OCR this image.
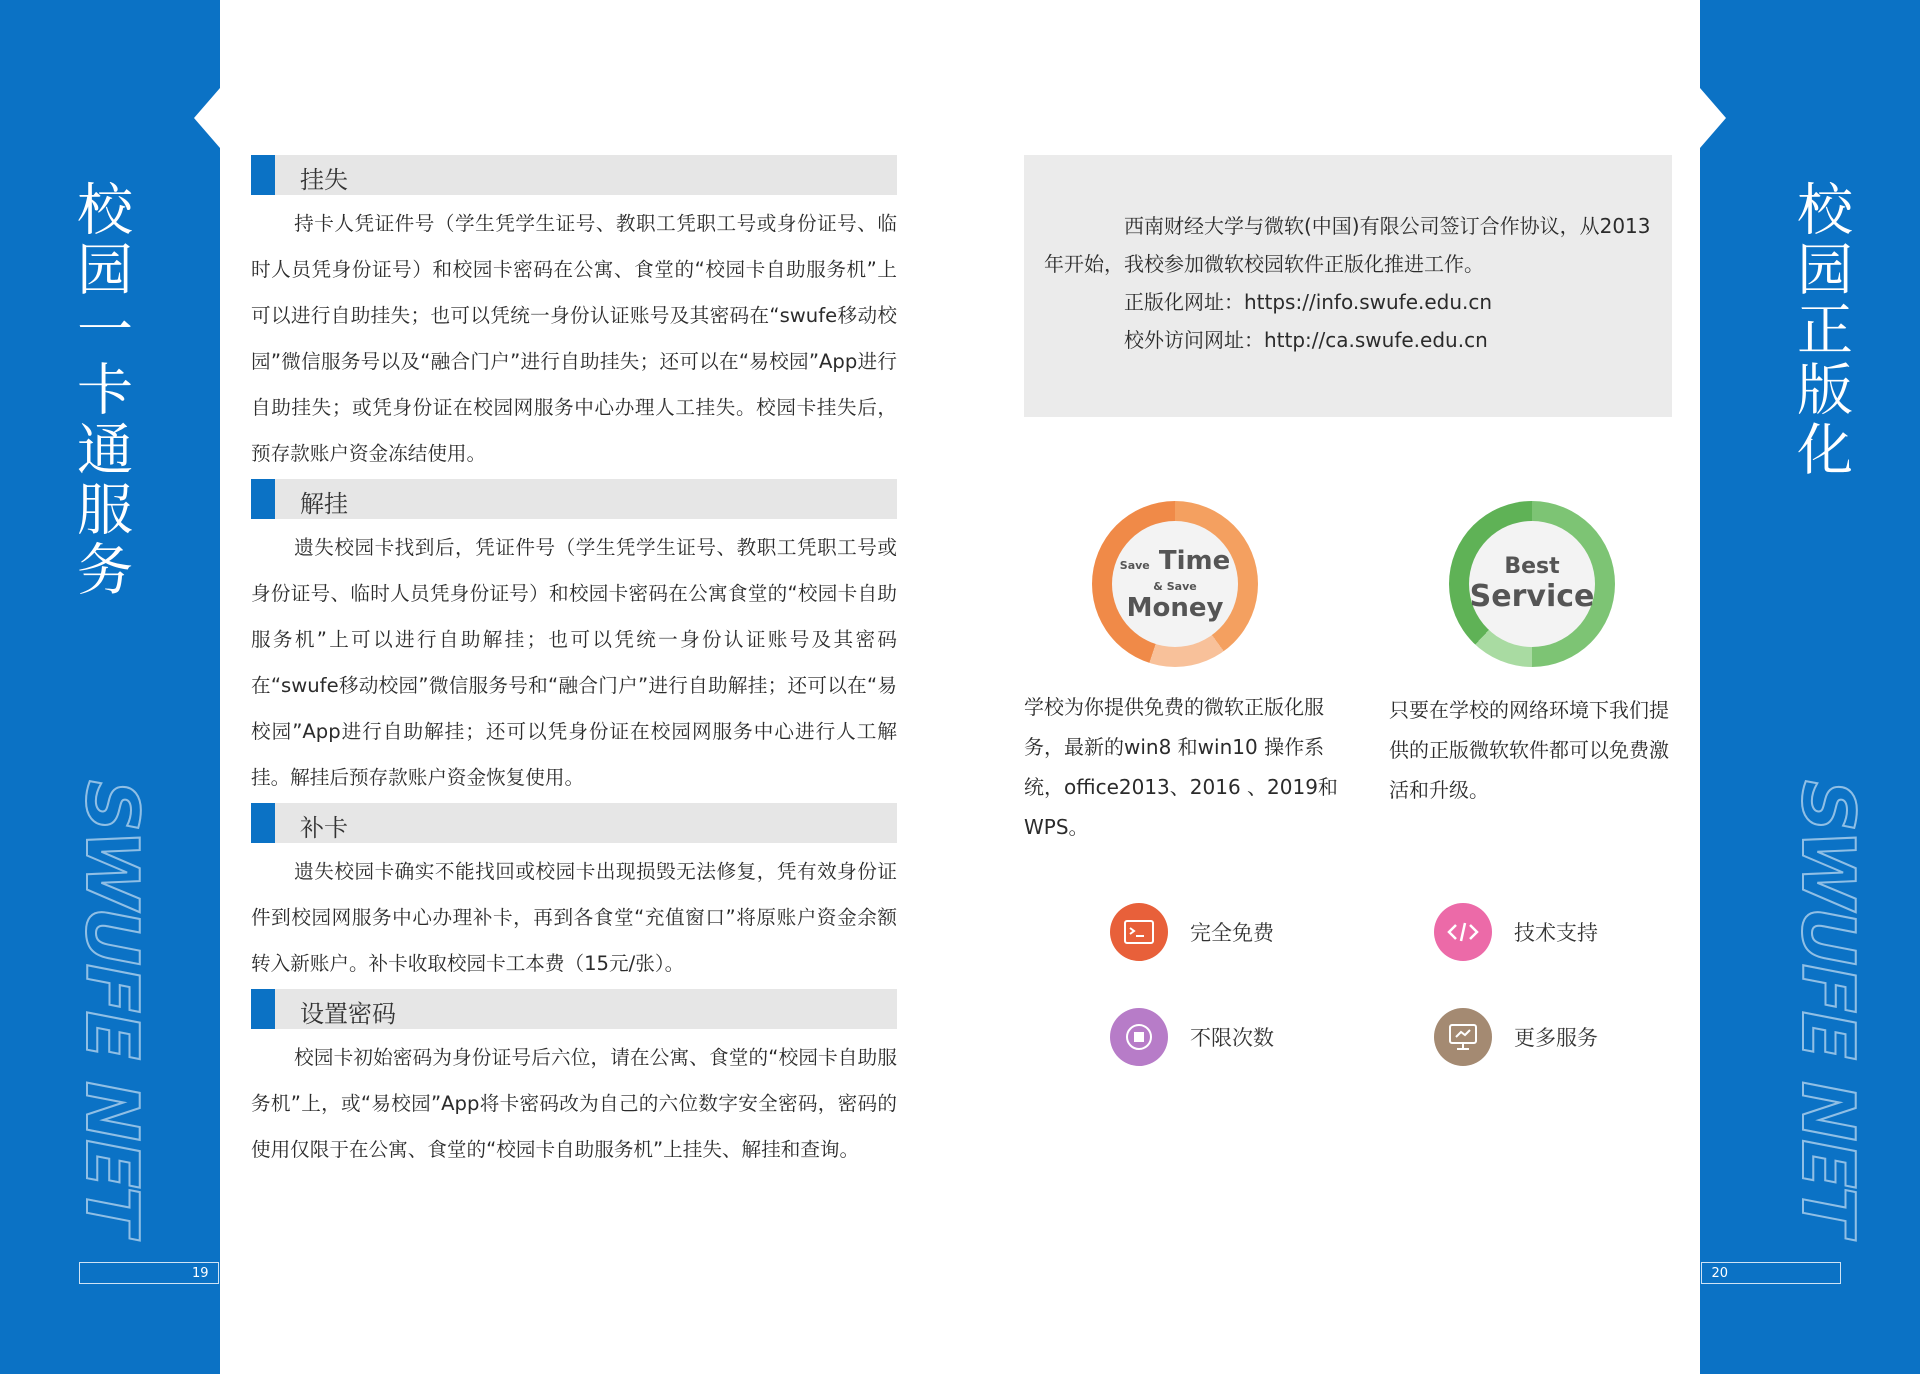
校园一卡通服务	校园正版化
SWUFE NET	SWUFE NET
19	20
挂失

持卡人凭证件号（学生凭学生证号、教职工凭职工号或身份证号、临时人员凭身份证号）和校园卡密码在公寓、食堂的“校园卡自助服务机”上可以进行自助挂失；也可以凭统一身份认证账号及其密码在“swufe移动校园”微信服务号以及“融合门户”进行自助挂失；还可以在“易校园”App进行自助挂失；或凭身份证在校园网服务中心办理人工挂失。校园卡挂失后，预存款账户资金冻结使用。

解挂

遗失校园卡找到后，凭证件号（学生凭学生证号、教职工凭职工号或身份证号、临时人员凭身份证号）和校园卡密码在公寓食堂的“校园卡自助服务机”上可以进行自助解挂；也可以凭统一身份认证账号及其密码在“swufe移动校园”微信服务号和“融合门户”进行自助解挂；还可以在“易校园”App进行自助解挂；还可以凭身份证在校园网服务中心进行人工解挂。解挂后预存款账户资金恢复使用。

补卡

遗失校园卡确实不能找回或校园卡出现损毁无法修复，凭有效身份证件到校园网服务中心办理补卡，再到各食堂“充值窗口”将原账户资金余额转入新账户。补卡收取校园卡工本费（15元/张）。

设置密码

校园卡初始密码为身份证号后六位，请在公寓、食堂的“校园卡自助服务机”上，或“易校园”App将卡密码改为自己的六位数字安全密码，密码的使用仅限于在公寓、食堂的“校园卡自助服务机”上挂失、解挂和查询。

西南财经大学与微软(中国)有限公司签订合作协议，从2013年开始，我校参加微软校园软件正版化推进工作。
正版化网址：https://info.swufe.edu.cn
校外访问网址：http://ca.swufe.edu.cn
Save Time
& Save
Money
Best
Service
学校为你提供免费的微软正版化服务，最新的win8 和win10 操作系统，office2013、2016 、2019和 WPS。
只要在学校的网络环境下我们提供的正版微软软件都可以免费激活和升级。
完全免费	技术支持
不限次数	更多服务
